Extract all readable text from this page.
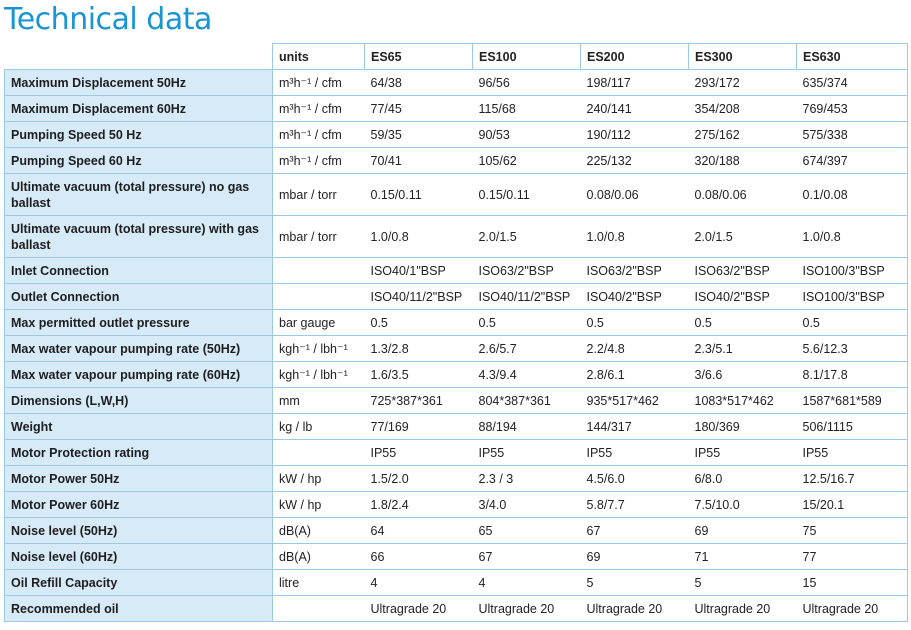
Technical data
	units	ES65	ES100	ES200	ES300	ES630
Maximum Displacement 50Hz	m³h⁻¹ / cfm	64/38	96/56	198/117	293/172	635/374
Maximum Displacement 60Hz	m³h⁻¹ / cfm	77/45	115/68	240/141	354/208	769/453
Pumping Speed 50 Hz	m³h⁻¹ / cfm	59/35	90/53	190/112	275/162	575/338
Pumping Speed 60 Hz	m³h⁻¹ / cfm	70/41	105/62	225/132	320/188	674/397
Ultimate vacuum (total pressure) no gas ballast	mbar / torr	0.15/0.11	0.15/0.11	0.08/0.06	0.08/0.06	0.1/0.08
Ultimate vacuum (total pressure) with gas ballast	mbar / torr	1.0/0.8	2.0/1.5	1.0/0.8	2.0/1.5	1.0/0.8
Inlet Connection		ISO40/1"BSP	ISO63/2"BSP	ISO63/2"BSP	ISO63/2"BSP	ISO100/3"BSP
Outlet Connection		ISO40/11/2"BSP	ISO40/11/2"BSP	ISO40/2"BSP	ISO40/2"BSP	ISO100/3"BSP
Max permitted outlet pressure	bar gauge	0.5	0.5	0.5	0.5	0.5
Max water vapour pumping rate (50Hz)	kgh⁻¹ / lbh⁻¹	1.3/2.8	2.6/5.7	2.2/4.8	2.3/5.1	5.6/12.3
Max water vapour pumping rate (60Hz)	kgh⁻¹ / lbh⁻¹	1.6/3.5	4.3/9.4	2.8/6.1	3/6.6	8.1/17.8
Dimensions (L,W,H)	mm	725*387*361	804*387*361	935*517*462	1083*517*462	1587*681*589
Weight	kg / lb	77/169	88/194	144/317	180/369	506/1115
Motor Protection rating		IP55	IP55	IP55	IP55	IP55
Motor Power 50Hz	kW / hp	1.5/2.0	2.3 / 3	4.5/6.0	6/8.0	12.5/16.7
Motor Power 60Hz	kW / hp	1.8/2.4	3/4.0	5.8/7.7	7.5/10.0	15/20.1
Noise level (50Hz)	dB(A)	64	65	67	69	75
Noise level (60Hz)	dB(A)	66	67	69	71	77
Oil Refill Capacity	litre	4	4	5	5	15
Recommended oil		Ultragrade 20	Ultragrade 20	Ultragrade 20	Ultragrade 20	Ultragrade 20
